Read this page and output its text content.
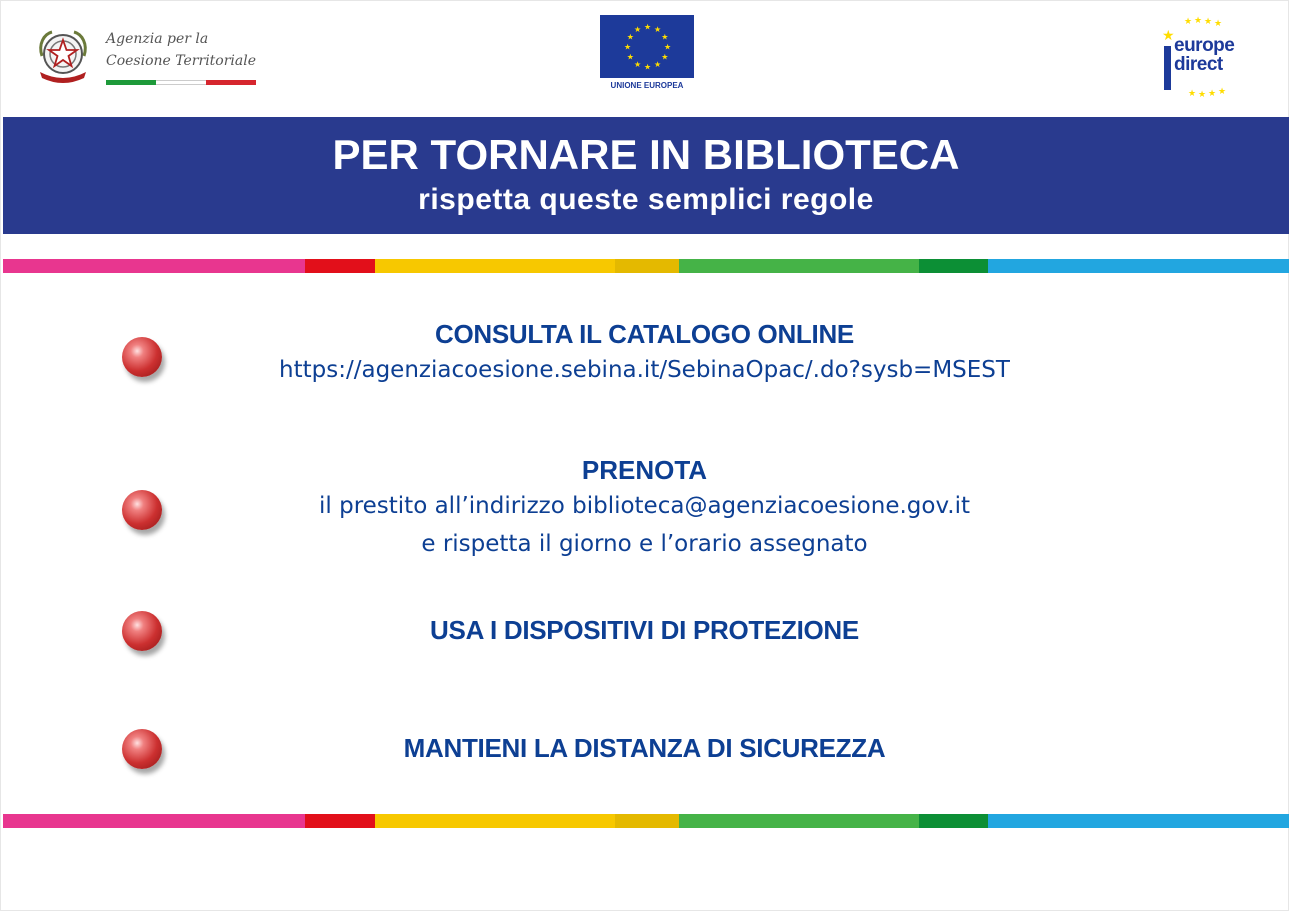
Agenzia per la
Coesione Territoriale
★ ★
★
★
★
★
★
★
★
★
★
★
UNIONE EUROPEA
★ ★ ★ ★
★ ★ ★ ★
★ europe
direct
PER TORNARE IN BIBLIOTECA
rispetta queste semplici regole
CONSULTA IL CATALOGO ONLINE
https://agenziacoesione.sebina.it/SebinaOpac/.do?sysb=MSEST
PRENOTA
il prestito all’indirizzo biblioteca@agenziacoesione.gov.it
e rispetta il giorno e l’orario assegnato
USA I DISPOSITIVI DI PROTEZIONE
MANTIENI LA DISTANZA DI SICUREZZA
